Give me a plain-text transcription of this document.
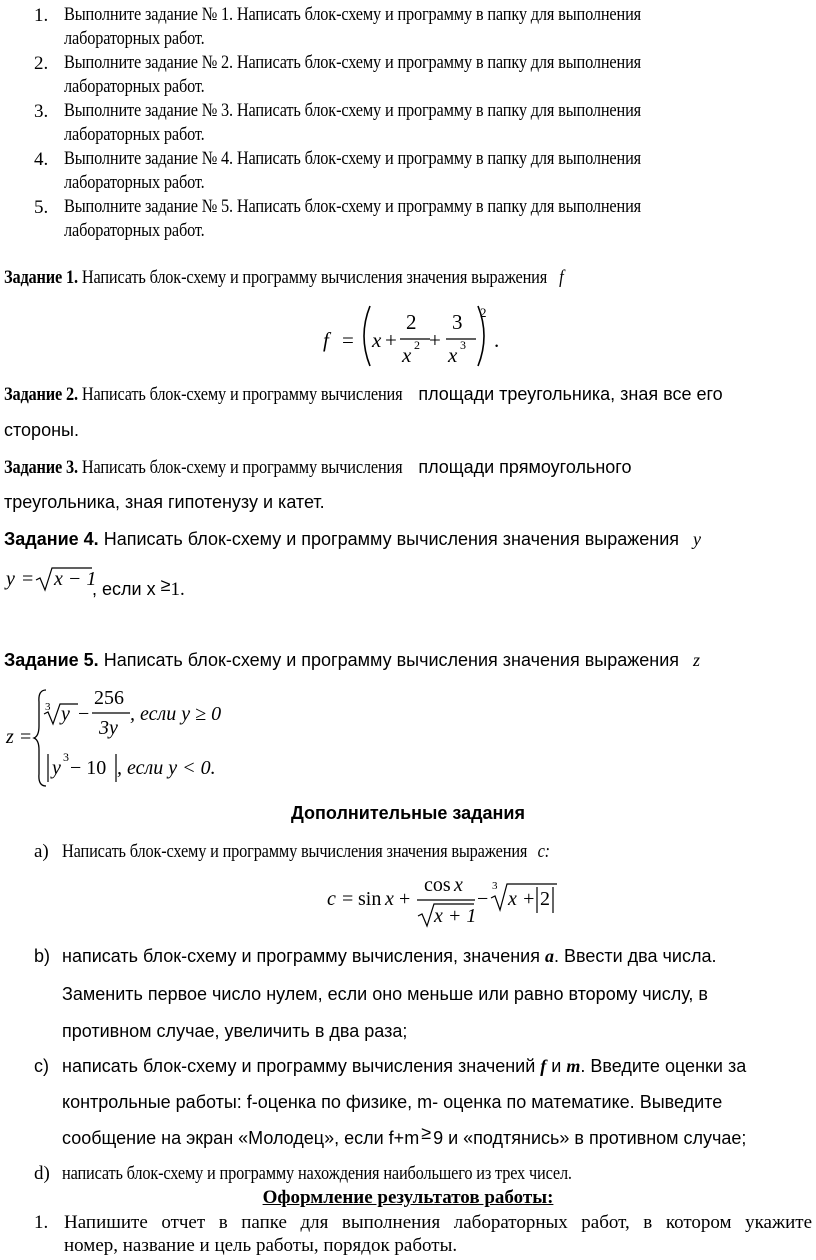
1. Выполните задание № 1. Написать блок-схему и программу в папку для выполнения
лабораторных работ.
2. Выполните задание № 2. Написать блок-схему и программу в папку для выполнения
лабораторных работ.
3. Выполните задание № 3. Написать блок-схему и программу в папку для выполнения
лабораторных работ.
4. Выполните задание № 4. Написать блок-схему и программу в папку для выполнения
лабораторных работ.
5. Выполните задание № 5. Написать блок-схему и программу в папку для выполнения
лабораторных работ.
Задание 1. Написать блок-схему и программу вычисления значения выражения f
f = x +
2
x 2 +
3
x 3
2
.
Задание 2. Написать блок-схему и программу вычисления площади треугольника, зная все его
стороны.
Задание 3. Написать блок-схему и программу вычисления площади прямоугольного
треугольника, зная гипотенузу и катет.
Задание 4. Написать блок-схему и программу вычисления значения выражения y
y = x − 1
, если x ≥1.
Задание 5. Написать блок-схему и программу вычисления значения выражения z
z =
3 y −
256
3y
, если y ≥ 0
y 3 − 10 , если y < 0.
Дополнительные задания
a) Написать блок-схему и программу вычисления значения выражения c:
c = sin x +
cos x
x + 1
−
3
x + 2
b) написать блок-схему и программу вычисления, значения a. Ввести два числа.
Заменить первое число нулем, если оно меньше или равно второму числу, в
противном случае, увеличить в два раза;
c) написать блок-схему и программу вычисления значений f и m. Введите оценки за
контрольные работы: f-оценка по физике, m- оценка по математике. Выведите
сообщение на экран «Молодец», если f+m ≥ 9 и «подтянись» в противном случае;
d) написать блок-схему и программу нахождения наибольшего из трех чисел.
Оформление результатов работы:
1. Напишите отчет в папке для выполнения лабораторных работ, в котором укажите
номер, название и цель работы, порядок работы.
